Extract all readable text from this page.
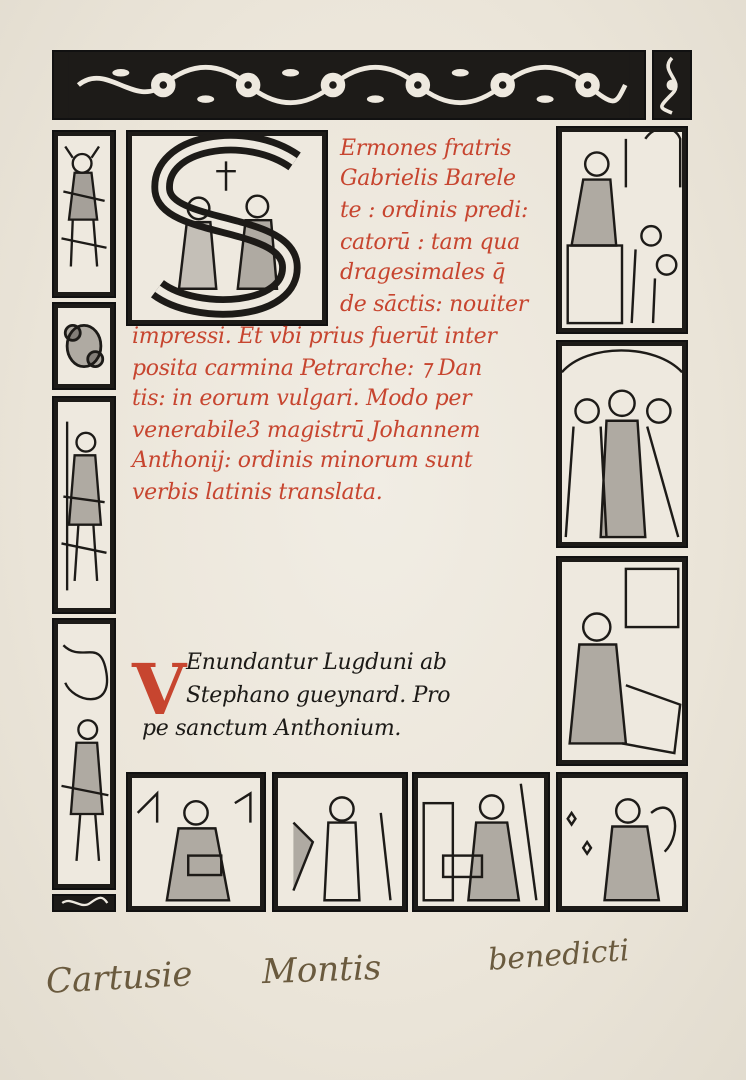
Ermones fratris
Gabrielis Barele
te : ordinis predi:
catorū : tam qua
dragesimales q̄
de sāctis: nouiter
impressi. Et vbi prius fuerūt inter
posita carmina Petrarche: ⁊ Dan
tis: in eorum vulgari. Modo per
venerabile3 magistrū Johannem
Anthonij: ordinis minorum sunt
verbis latinis translata.
V Enundantur Lugduni ab
Stephano gueynard. Pro
pe sanctum Anthonium.
Cartusie Montis	benedicti
